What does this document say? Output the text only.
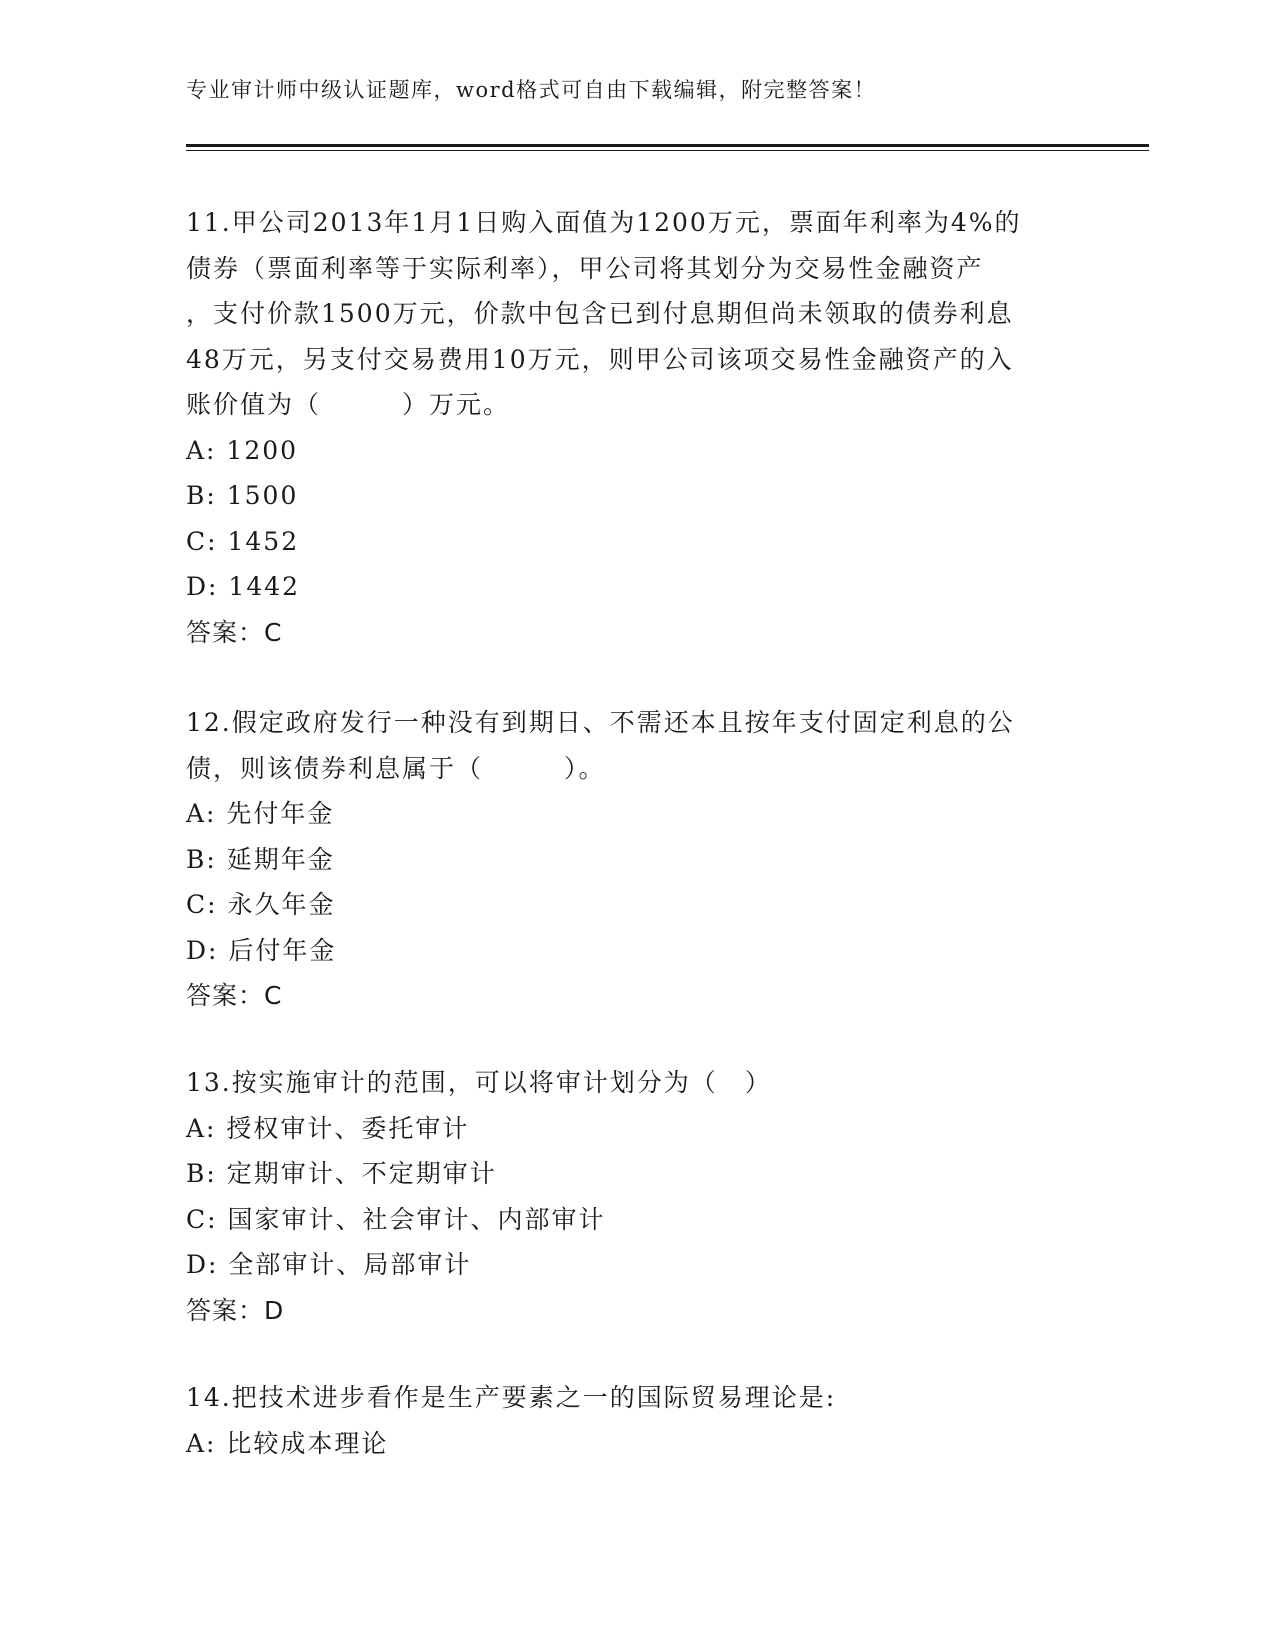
专业审计师中级认证题库，word格式可自由下载编辑，附完整答案！

11.甲公司2013年1月1日购入面值为1200万元，票面年利率为4%的

债券（票面利率等于实际利率），甲公司将其划分为交易性金融资产

，支付价款1500万元，价款中包含已到付息期但尚未领取的债券利息

48万元，另支付交易费用10万元，则甲公司该项交易性金融资产的入

账价值为（　　　）万元。

A: 1200

B: 1500

C: 1452

D: 1442

答案：C

12.假定政府发行一种没有到期日、不需还本且按年支付固定利息的公

债，则该债券利息属于（　　　）。

A: 先付年金

B: 延期年金

C: 永久年金

D: 后付年金

答案：C

13.按实施审计的范围，可以将审计划分为（　）

A: 授权审计、委托审计

B: 定期审计、不定期审计

C: 国家审计、社会审计、内部审计

D: 全部审计、局部审计

答案：D

14.把技术进步看作是生产要素之一的国际贸易理论是:

A: 比较成本理论
